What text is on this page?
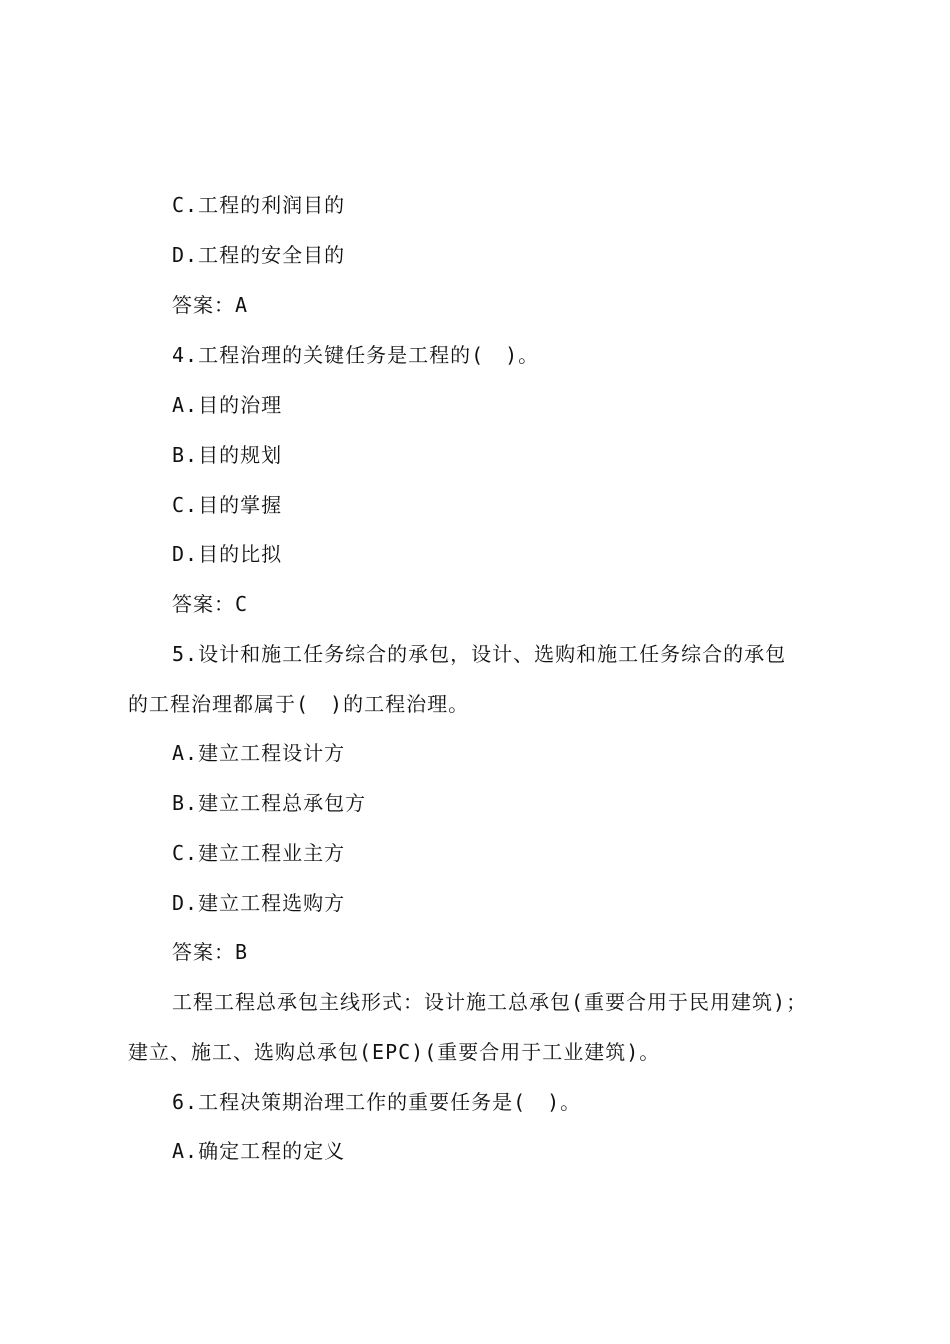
C.工程的利润目的
D.工程的安全目的
答案：A
4.工程治理的关键任务是工程的(　)。
A.目的治理
B.目的规划
C.目的掌握
D.目的比拟
答案：C
5.设计和施工任务综合的承包，设计、选购和施工任务综合的承包
的工程治理都属于(　)的工程治理。
A.建立工程设计方
B.建立工程总承包方
C.建立工程业主方
D.建立工程选购方
答案：B
工程工程总承包主线形式：设计施工总承包(重要合用于民用建筑)；
建立、施工、选购总承包(EPC)(重要合用于工业建筑)。
6.工程决策期治理工作的重要任务是(　)。
A.确定工程的定义
